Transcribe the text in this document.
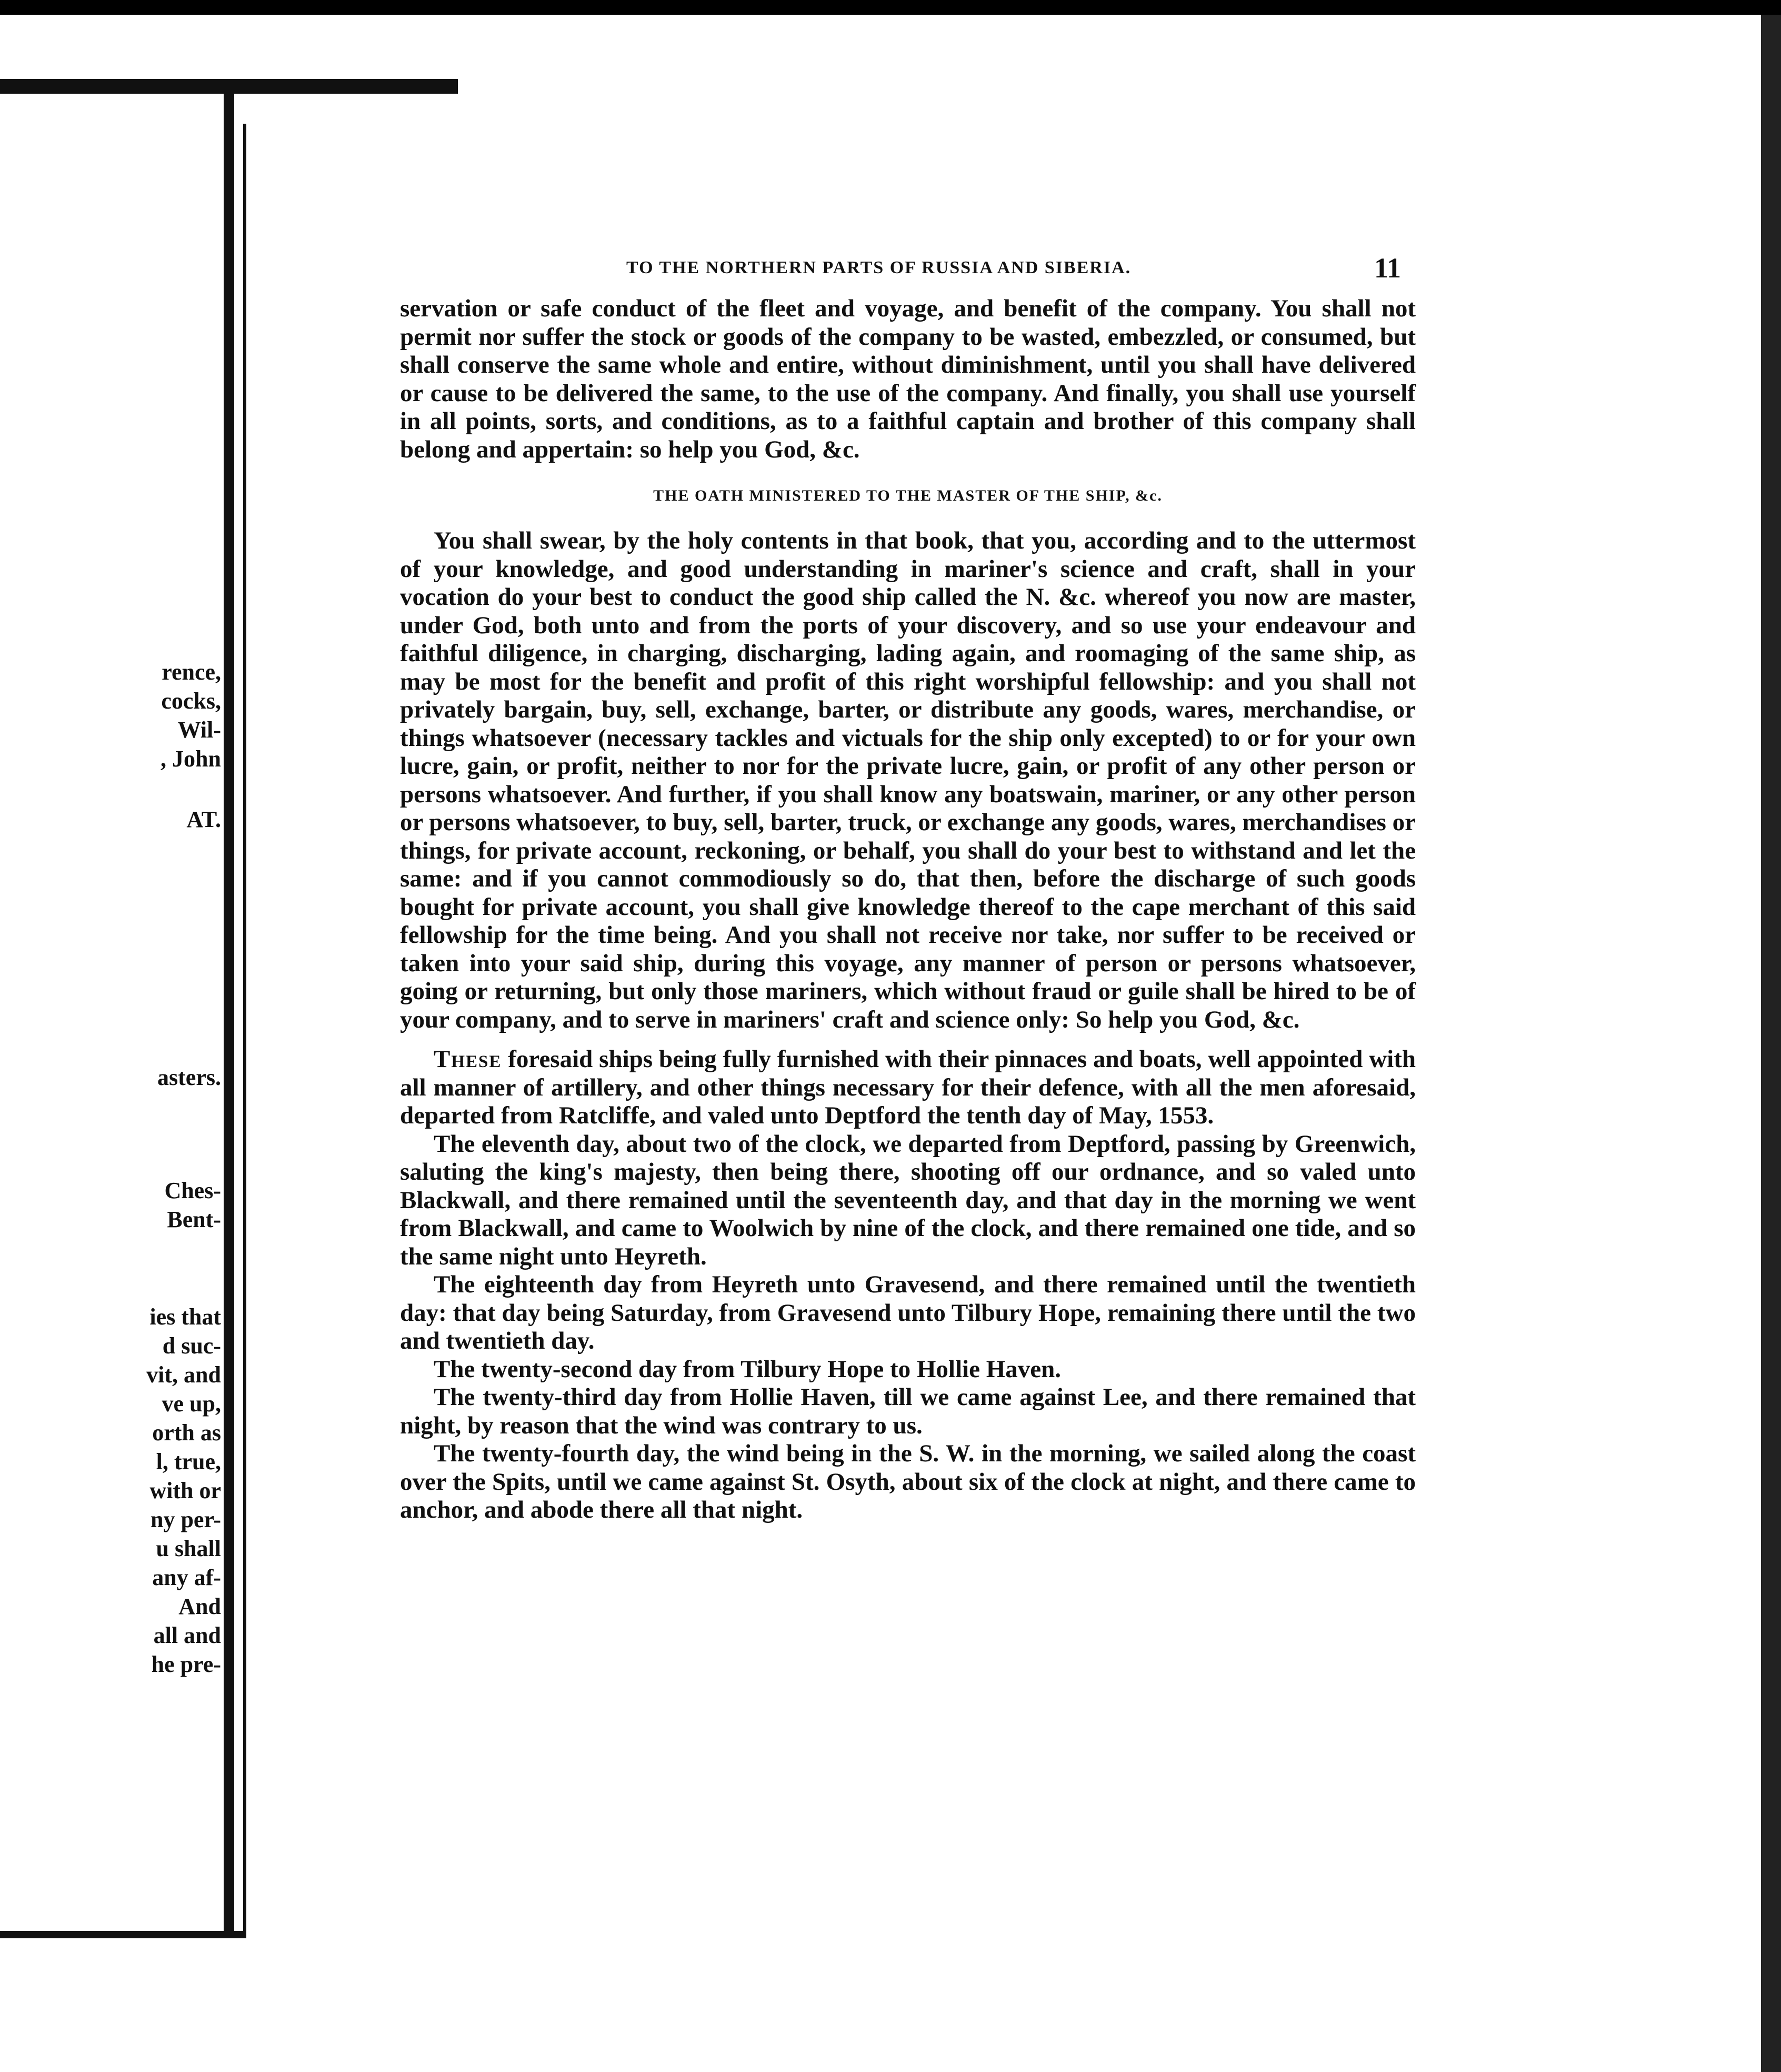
rence,
cocks,
Wil-
, John
AT.
asters.
Ches-
Bent-
ies that
d suc-
vit, and
ve up,
orth as
l, true,
with or
ny per-
u shall
any af-
And
all and
he pre-
TO THE NORTHERN PARTS OF RUSSIA AND SIBERIA.	11

servation or safe conduct of the fleet and voyage, and benefit of the company. You shall not permit nor suffer the stock or goods of the company to be wasted, embezzled, or consumed, but shall conserve the same whole and entire, without diminishment, until you shall have delivered or cause to be delivered the same, to the use of the company. And finally, you shall use yourself in all points, sorts, and conditions, as to a faithful captain and brother of this company shall belong and appertain: so help you God, &c.

THE OATH MINISTERED TO THE MASTER OF THE SHIP, &c.

You shall swear, by the holy contents in that book, that you, according and to the uttermost of your knowledge, and good understanding in mariner's science and craft, shall in your vocation do your best to conduct the good ship called the N. &c. whereof you now are master, under God, both unto and from the ports of your discovery, and so use your endeavour and faithful diligence, in charging, discharging, lading again, and roomaging of the same ship, as may be most for the benefit and profit of this right worshipful fellowship: and you shall not privately bargain, buy, sell, exchange, barter, or distribute any goods, wares, merchandise, or things whatsoever (necessary tackles and victuals for the ship only excepted) to or for your own lucre, gain, or profit, neither to nor for the private lucre, gain, or profit of any other person or persons whatsoever. And further, if you shall know any boatswain, mariner, or any other person or persons whatsoever, to buy, sell, barter, truck, or exchange any goods, wares, merchandises or things, for private account, reckoning, or behalf, you shall do your best to withstand and let the same: and if you cannot commodiously so do, that then, before the discharge of such goods bought for private account, you shall give knowledge thereof to the cape merchant of this said fellowship for the time being. And you shall not receive nor take, nor suffer to be received or taken into your said ship, during this voyage, any manner of person or persons whatsoever, going or returning, but only those mariners, which without fraud or guile shall be hired to be of your company, and to serve in mariners' craft and science only: So help you God, &c.

These foresaid ships being fully furnished with their pinnaces and boats, well appointed with all manner of artillery, and other things necessary for their defence, with all the men aforesaid, departed from Ratcliffe, and valed unto Deptford the tenth day of May, 1553.

The eleventh day, about two of the clock, we departed from Deptford, passing by Greenwich, saluting the king's majesty, then being there, shooting off our ordnance, and so valed unto Blackwall, and there remained until the seventeenth day, and that day in the morning we went from Blackwall, and came to Woolwich by nine of the clock, and there remained one tide, and so the same night unto Heyreth.

The eighteenth day from Heyreth unto Gravesend, and there remained until the twentieth day: that day being Saturday, from Gravesend unto Tilbury Hope, remaining there until the two and twentieth day.

The twenty-second day from Tilbury Hope to Hollie Haven.

The twenty-third day from Hollie Haven, till we came against Lee, and there remained that night, by reason that the wind was contrary to us.

The twenty-fourth day, the wind being in the S. W. in the morning, we sailed along the coast over the Spits, until we came against St. Osyth, about six of the clock at night, and there came to anchor, and abode there all that night.
